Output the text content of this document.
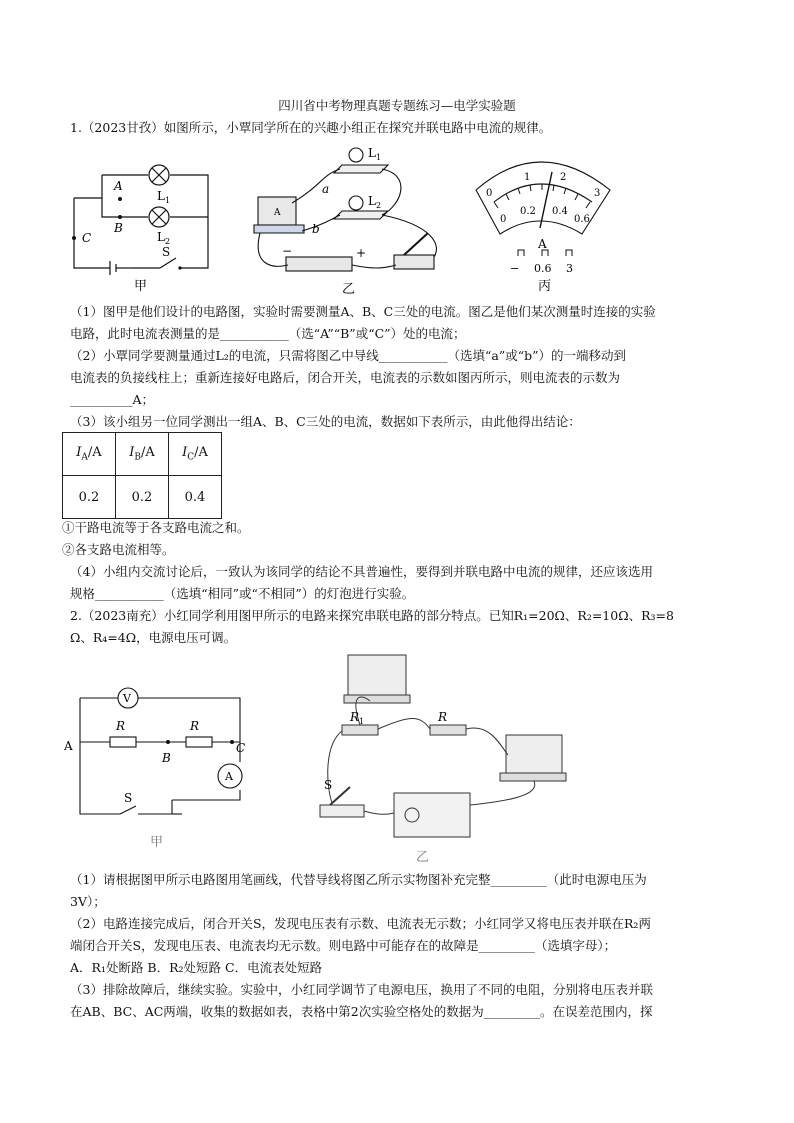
四川省中考物理真题专题练习—电学实验题
1.（2023甘孜）如图所示，小覃同学所在的兴趣小组正在探究并联电路中电流的规律。
A
B
C
L 1
L 2
S
甲
a
b
L 1
L 2
A
−	+
乙
0
1	2
3
0
0.2 0.4
0.6
A
− 0.6 3
丙
（1）图甲是他们设计的电路图，实验时需要测量A、B、C三处的电流。图乙是他们某次测量时连接的实验
电路，此时电流表测量的是___________（选“A”“B”或“C”）处的电流；
（2）小覃同学要测量通过L₂的电流，只需将图乙中导线___________（选填“a”或“b”）的一端移动到
电流表的负接线柱上；重新连接好电路后，闭合开关，电流表的示数如图丙所示，则电流表的示数为
__________A；
（3）该小组另一位同学测出一组A、B、C三处的电流，数据如下表所示，由此他得出结论：
$I_A/A$	$I_B/A$	$I_C/A$
0.2	0.2	0.4
①干路电流等于各支路电流之和。
②各支路电流相等。
（4）小组内交流讨论后，一致认为该同学的结论不具普遍性，要得到并联电路中电流的规律，还应该选用
规格___________（选填“相同”或“不相同”）的灯泡进行实验。
2.（2023南充）小红同学利用图甲所示的电路来探究串联电路的部分特点。已知R₁=20Ω、R₂=10Ω、R₃=8
Ω、R₄=4Ω，电源电压可调。
V
R	R
A
B
C
A
S
甲
R 1	R
S
乙
（1）请根据图甲所示电路图用笔画线，代替导线将图乙所示实物图补充完整_________（此时电源电压为
3V）；
（2）电路连接完成后，闭合开关S，发现电压表有示数、电流表无示数；小红同学又将电压表并联在R₂两
端闭合开关S，发现电压表、电流表均无示数。则电路中可能存在的故障是_________（选填字母）；
A．R₁处断路 B．R₂处短路 C．电流表处短路
（3）排除故障后，继续实验。实验中，小红同学调节了电源电压，换用了不同的电阻，分别将电压表并联
在AB、BC、AC两端，收集的数据如表，表格中第2次实验空格处的数据为_________。在误差范围内，探
